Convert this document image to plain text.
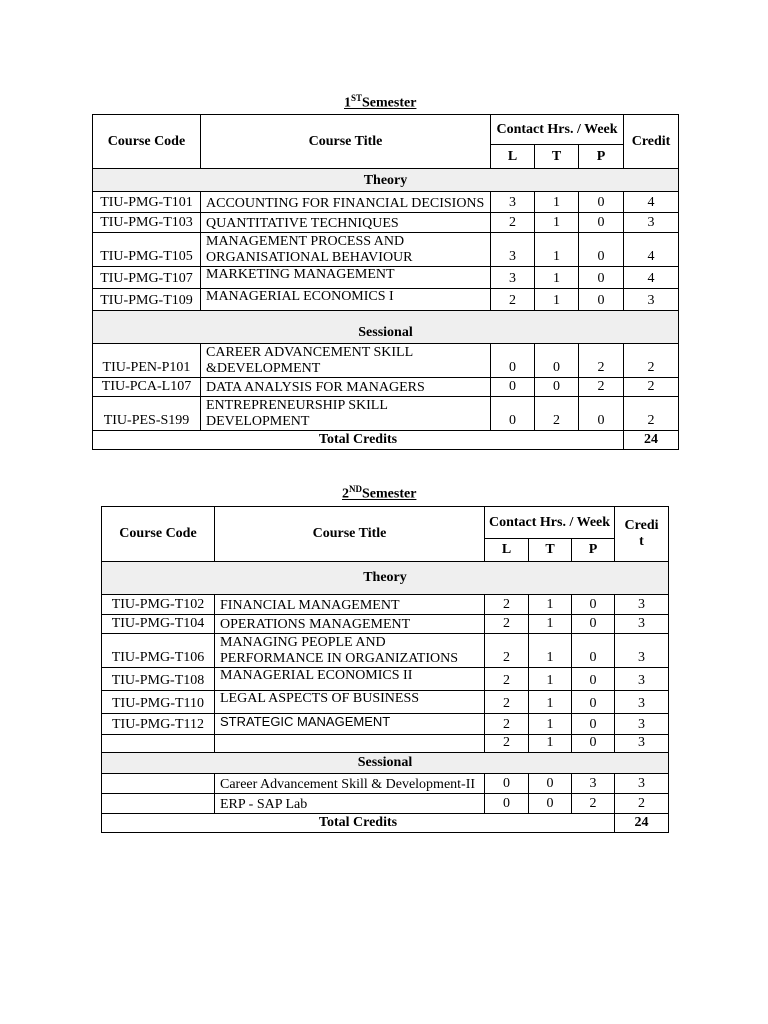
1STSemester
Course Code	Course Title	Contact Hrs. / Week			Credit
		L	T	P	
Theory					
TIU-PMG-T101	ACCOUNTING FOR FINANCIAL DECISIONS	3	1	0	4
TIU-PMG-T103	QUANTITATIVE TECHNIQUES	2	1	0	3
TIU-PMG-T105	MANAGEMENT PROCESS AND
ORGANISATIONAL BEHAVIOUR	3	1	0	4
TIU-PMG-T107	MARKETING MANAGEMENT	3	1	0	4
TIU-PMG-T109	MANAGERIAL ECONOMICS I	2	1	0	3
Sessional					
TIU-PEN-P101	CAREER ADVANCEMENT SKILL
&DEVELOPMENT	0	0	2	2
TIU-PCA-L107	DATA ANALYSIS FOR MANAGERS	0	0	2	2
TIU-PES-S199	ENTREPRENEURSHIP SKILL
DEVELOPMENT	0	2	0	2
Total Credits					24
2NDSemester
Course Code	Course Title	Contact Hrs. / Week			Credi
t

		L	T	P	
Theory					
TIU-PMG-T102	FINANCIAL MANAGEMENT	2	1	0	3
TIU-PMG-T104	OPERATIONS MANAGEMENT	2	1	0	3
TIU-PMG-T106	MANAGING PEOPLE AND
PERFORMANCE IN ORGANIZATIONS	2	1	0	3
TIU-PMG-T108	MANAGERIAL ECONOMICS II	2	1	0	3
TIU-PMG-T110	LEGAL ASPECTS OF BUSINESS	2	1	0	3
TIU-PMG-T112	STRATEGIC MANAGEMENT	2	1	0	3
		2	1	0	3
Sessional					
	Career Advancement Skill & Development-II	0	0	3	3
	ERP - SAP Lab	0	0	2	2
Total Credits					24
